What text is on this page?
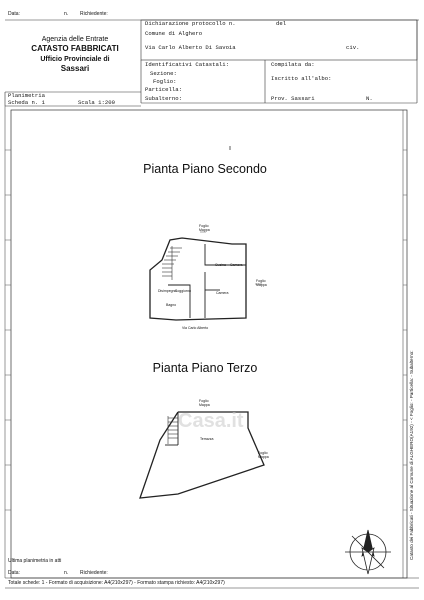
Data:	n. Richiedente:
Agenzia delle Entrate
CATASTO FABBRICATI
Ufficio Provinciale di
Sassari
Dichiarazione protocollo n.	del
Comune di Alghero
Via Carlo Alberto Di Savoia	civ.
Identificativi Catastali:
Sezione:
Foglio:
Particella:
Subalterno:
Compilata da:
Iscritto all'albo:
Prov. Sassari	N.
Planimetria
Scheda n. 1	Scala 1:200
Pianta Piano Secondo
Pianta Piano Terzo
Foglio
Mappa
Soggiorno
Cucina
Camera
Bagno
Disimpegno
Camera
Foglio
Mappa
Via Carlo Alberto
Foglio
Mappa
Terrazza
Foglio
Mappa
Casa.it	Catasto dei Fabbricati - Situazione al Comune di ALGHERO(A192) - < Foglio: - Particella: - Subalterno:
Ultima planimetria in atti
Data:	n. Richiedente:
Totale schede: 1 - Formato di acquisizione: A4(210x297) - Formato stampa richiesto: A4(210x297)
